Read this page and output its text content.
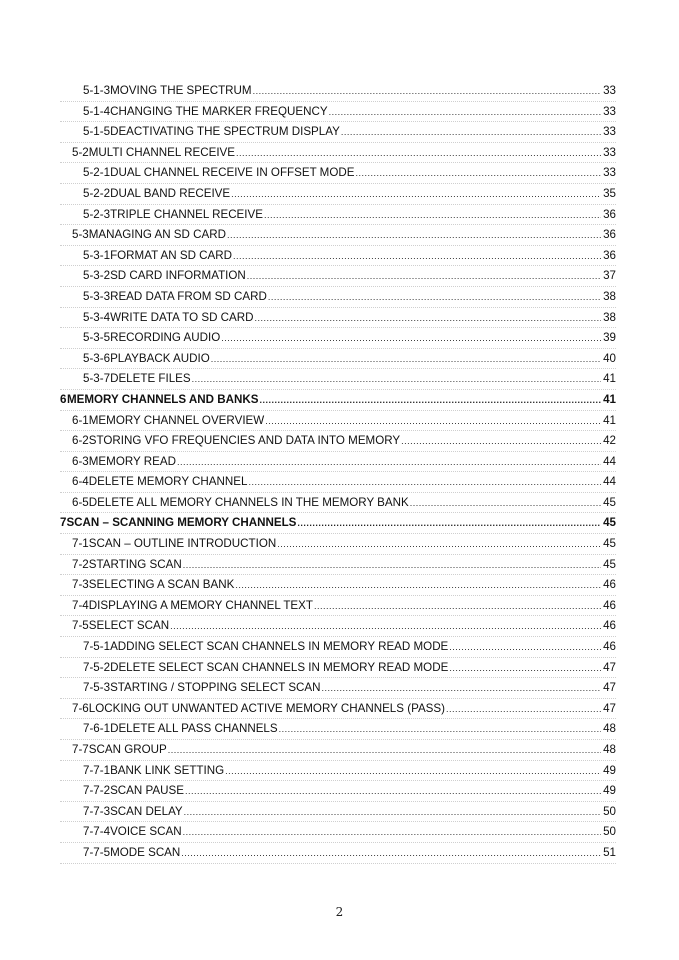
5-1-3 MOVING THE SPECTRUM .....	33
5-1-4 CHANGING THE MARKER FREQUENCY .....	33
5-1-5 DEACTIVATING THE SPECTRUM DISPLAY .....	33
5-2 MULTI CHANNEL RECEIVE .....	33
5-2-1 DUAL CHANNEL RECEIVE IN OFFSET MODE .....	33
5-2-2 DUAL BAND RECEIVE .....	35
5-2-3 TRIPLE CHANNEL RECEIVE .....	36
5-3 MANAGING AN SD CARD .....	36
5-3-1 FORMAT AN SD CARD .....	36
5-3-2 SD CARD INFORMATION .....	37
5-3-3 READ DATA FROM SD CARD .....	38
5-3-4 WRITE DATA TO SD CARD .....	38
5-3-5 RECORDING AUDIO .....	39
5-3-6 PLAYBACK AUDIO .....	40
5-3-7 DELETE FILES .....	41
6 MEMORY CHANNELS AND BANKS .....	41
6-1 MEMORY CHANNEL OVERVIEW .....	41
6-2 STORING VFO FREQUENCIES AND DATA INTO MEMORY .....	42
6-3 MEMORY READ .....	44
6-4 DELETE MEMORY CHANNEL .....	44
6-5 DELETE ALL MEMORY CHANNELS IN THE MEMORY BANK .....	45
7 SCAN – SCANNING MEMORY CHANNELS .....	45
7-1 SCAN – OUTLINE INTRODUCTION .....	45
7-2 STARTING SCAN .....	45
7-3 SELECTING A SCAN BANK .....	46
7-4 DISPLAYING A MEMORY CHANNEL TEXT .....	46
7-5 SELECT SCAN .....	46
7-5-1 ADDING SELECT SCAN CHANNELS IN MEMORY READ MODE .....	46
7-5-2 DELETE SELECT SCAN CHANNELS IN MEMORY READ MODE .....	47
7-5-3 STARTING / STOPPING SELECT SCAN .....	47
7-6 LOCKING OUT UNWANTED ACTIVE MEMORY CHANNELS (PASS) .....	47
7-6-1 DELETE ALL PASS CHANNELS .....	48
7-7 SCAN GROUP .....	48
7-7-1 BANK LINK SETTING .....	49
7-7-2 SCAN PAUSE .....	49
7-7-3 SCAN DELAY .....	50
7-7-4 VOICE SCAN .....	50
7-7-5 MODE SCAN .....	51
2
